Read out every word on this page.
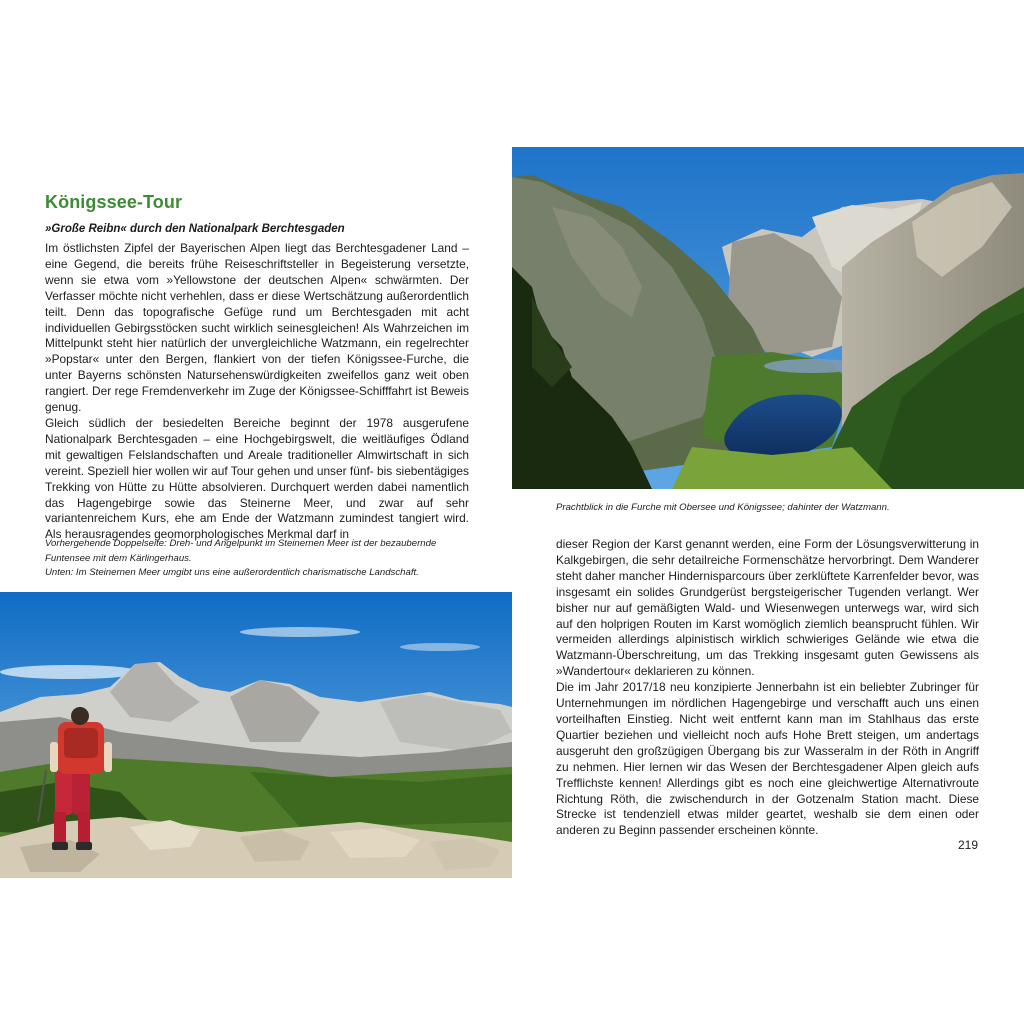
Königssee-Tour

»Große Reibn« durch den Nationalpark Berchtesgaden

Im östlichsten Zipfel der Bayerischen Alpen liegt das Berchtesgadener Land – eine Gegend, die bereits frühe Reiseschriftsteller in Begeisterung versetzte, wenn sie etwa vom »Yellowstone der deutschen Alpen« schwärmten. Der Verfasser möchte nicht verhehlen, dass er diese Wertschätzung außerordentlich teilt. Denn das topografische Gefüge rund um Berchtesgaden mit acht individuellen Gebirgsstöcken sucht wirklich seinesgleichen! Als Wahrzeichen im Mittelpunkt steht hier natürlich der unvergleichliche Watzmann, ein regelrechter »Popstar« unter den Bergen, flankiert von der tiefen Königssee-Furche, die unter Bayerns schönsten Natursehenswürdigkeiten zweifellos ganz weit oben rangiert. Der rege Fremdenverkehr im Zuge der Königssee-Schifffahrt ist Beweis genug.

Gleich südlich der besiedelten Bereiche beginnt der 1978 ausgerufene Nationalpark Berchtesgaden – eine Hochgebirgswelt, die weitläufiges Ödland mit gewaltigen Felslandschaften und Areale traditioneller Almwirtschaft in sich vereint. Speziell hier wollen wir auf Tour gehen und unser fünf- bis siebentägiges Trekking von Hütte zu Hütte absolvieren. Durchquert werden dabei namentlich das Hagengebirge sowie das Steinerne Meer, und zwar auf sehr variantenreichem Kurs, ehe am Ende der Watzmann zumindest tangiert wird. Als herausragendes geomorphologisches Merkmal darf in

Vorhergehende Doppelseite: Dreh- und Angelpunkt im Steinernen Meer ist der bezaubernde Funtensee mit dem Kärlingerhaus.

Unten: Im Steinernen Meer umgibt uns eine außerordentlich charismatische Landschaft.

Prachtblick in die Furche mit Obersee und Königssee; dahinter der Watzmann.

dieser Region der Karst genannt werden, eine Form der Lösungsverwitterung in Kalkgebirgen, die sehr detailreiche Formenschätze hervorbringt. Dem Wanderer steht daher mancher Hindernisparcours über zerklüftete Karrenfelder bevor, was insgesamt ein solides Grundgerüst bergsteigerischer Tugenden verlangt. Wer bisher nur auf gemäßigten Wald- und Wiesenwegen unterwegs war, wird sich auf den holprigen Routen im Karst womöglich ziemlich beansprucht fühlen. Wir vermeiden allerdings alpinistisch wirklich schwieriges Gelände wie etwa die Watzmann-Überschreitung, um das Trekking insgesamt guten Gewissens als »Wandertour« deklarieren zu können.

Die im Jahr 2017/18 neu konzipierte Jennerbahn ist ein beliebter Zubringer für Unternehmungen im nördlichen Hagengebirge und verschafft auch uns einen vorteilhaften Einstieg. Nicht weit entfernt kann man im Stahlhaus das erste Quartier beziehen und vielleicht noch aufs Hohe Brett steigen, um andertags ausgeruht den großzügigen Übergang bis zur Wasseralm in der Röth in Angriff zu nehmen. Hier lernen wir das Wesen der Berchtesgadener Alpen gleich aufs Trefflichste kennen! Allerdings gibt es noch eine gleichwertige Alternativroute Richtung Röth, die zwischendurch in der Gotzenalm Station macht. Diese Strecke ist tendenziell etwas milder geartet, weshalb sie dem einen oder anderen zu Beginn passender erscheinen könnte.

219
